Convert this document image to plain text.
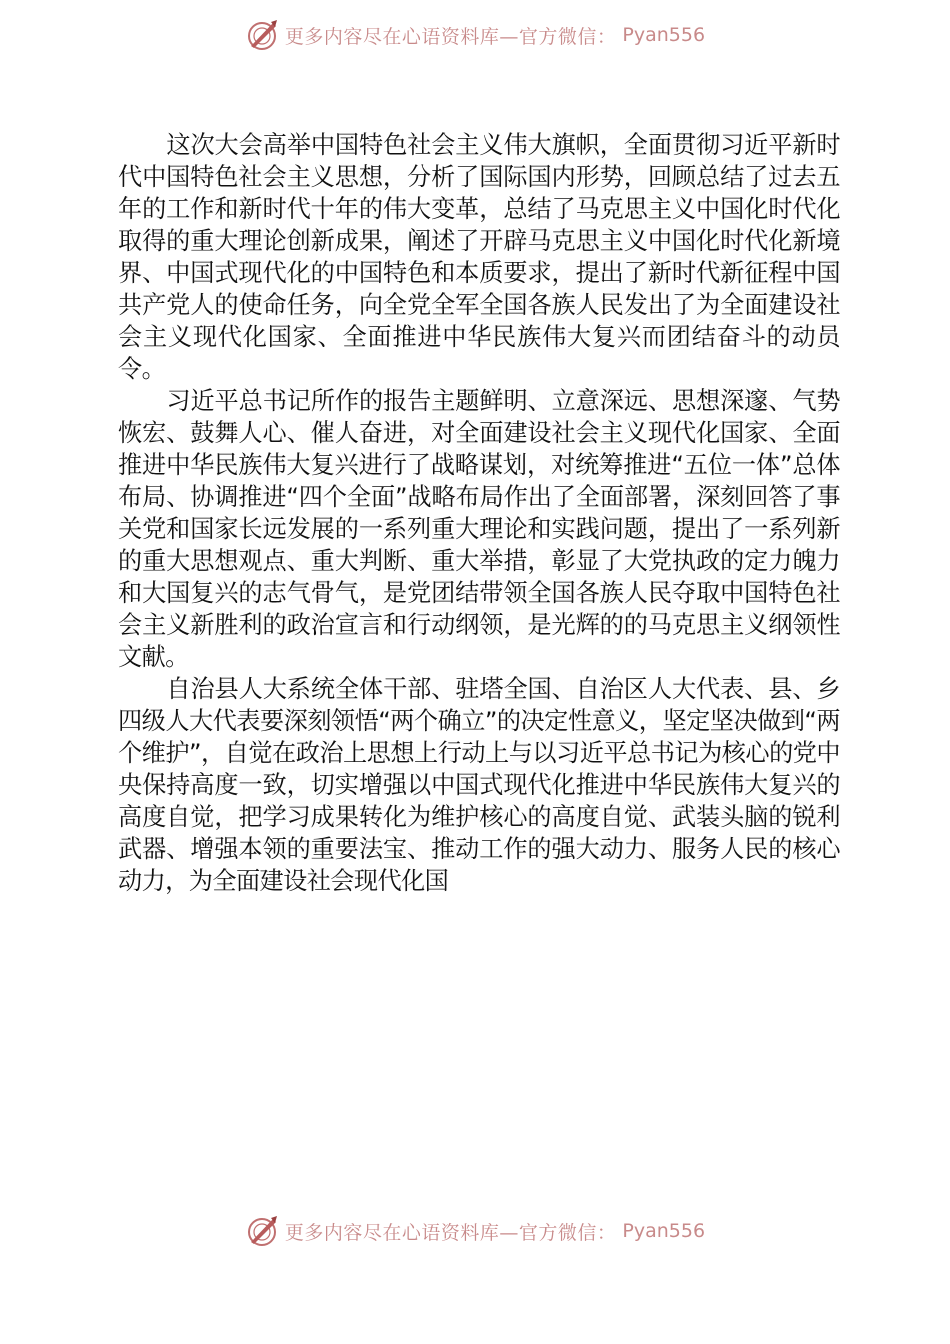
更多内容尽在心语资料库—官方微信： Pyan556

这次大会高举中国特色社会主义伟大旗帜，全面贯彻习近平新时代中国特色社会主义思想，分析了国际国内形势，回顾总结了过去五年的工作和新时代十年的伟大变革，总结了马克思主义中国化时代化取得的重大理论创新成果，阐述了开辟马克思主义中国化时代化新境界、中国式现代化的中国特色和本质要求，提出了新时代新征程中国共产党人的使命任务，向全党全军全国各族人民发出了为全面建设社会主义现代化国家、全面推进中华民族伟大复兴而团结奋斗的动员令。

习近平总书记所作的报告主题鲜明、立意深远、思想深邃、气势恢宏、鼓舞人心、催人奋进，对全面建设社会主义现代化国家、全面推进中华民族伟大复兴进行了战略谋划，对统筹推进“五位一体”总体布局、协调推进“四个全面”战略布局作出了全面部署，深刻回答了事关党和国家长远发展的一系列重大理论和实践问题，提出了一系列新的重大思想观点、重大判断、重大举措，彰显了大党执政的定力魄力和大国复兴的志气骨气，是党团结带领全国各族人民夺取中国特色社会主义新胜利的政治宣言和行动纲领，是光辉的的马克思主义纲领性文献。

自治县人大系统全体干部、驻塔全国、自治区人大代表、县、乡四级人大代表要深刻领悟“两个确立”的决定性意义，坚定坚决做到“两个维护”，自觉在政治上思想上行动上与以习近平总书记为核心的党中央保持高度一致，切实增强以中国式现代化推进中华民族伟大复兴的高度自觉，把学习成果转化为维护核心的高度自觉、武装头脑的锐利武器、增强本领的重要法宝、推动工作的强大动力、服务人民的核心动力，为全面建设社会现代化国

更多内容尽在心语资料库—官方微信： Pyan556
